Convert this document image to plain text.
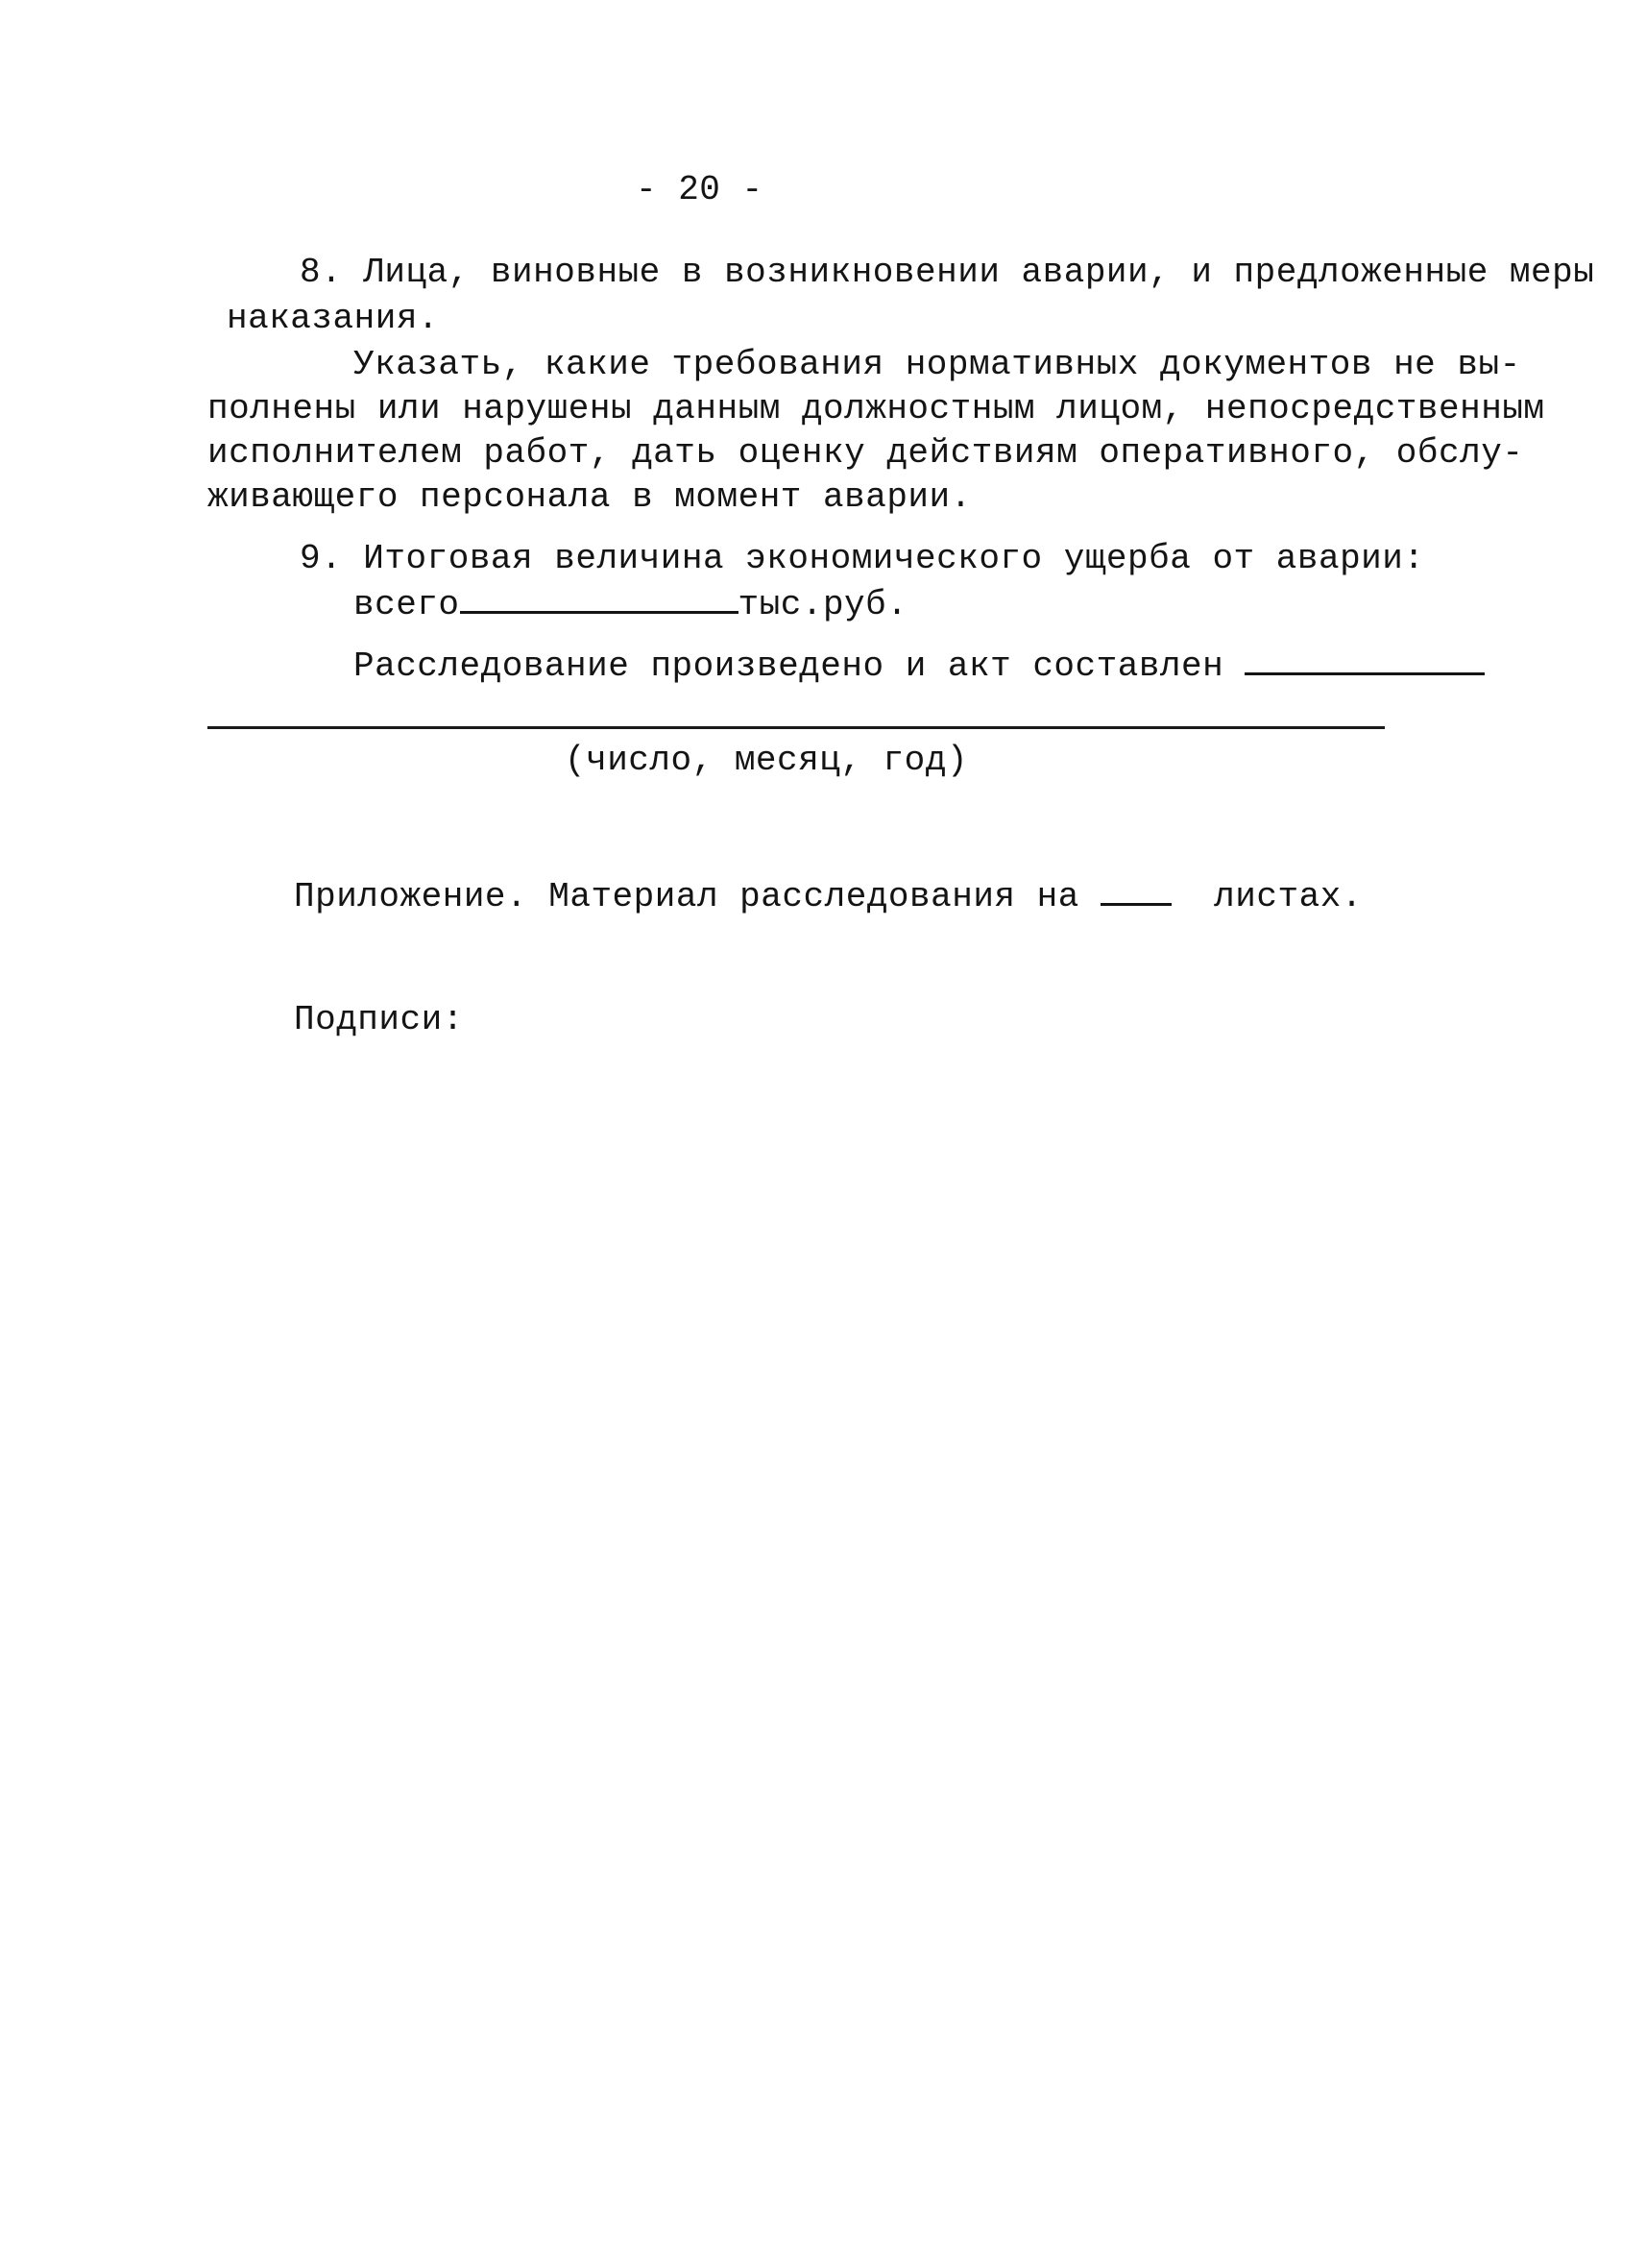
- 20 -
8. Лица, виновные в возникновении аварии, и предложенные меры
наказания.
Указать, какие требования нормативных документов не вы-
полнены или нарушены данным должностным лицом, непосредственным
исполнителем работ, дать оценку действиям оперативного, обслу-
живающего персонала в момент аварии.
9. Итоговая величина экономического ущерба от аварии:
всего	тыс.руб.
Расследование произведено и акт составлен
(число, месяц, год)
Приложение. Материал расследования на	листах.
Подписи:
